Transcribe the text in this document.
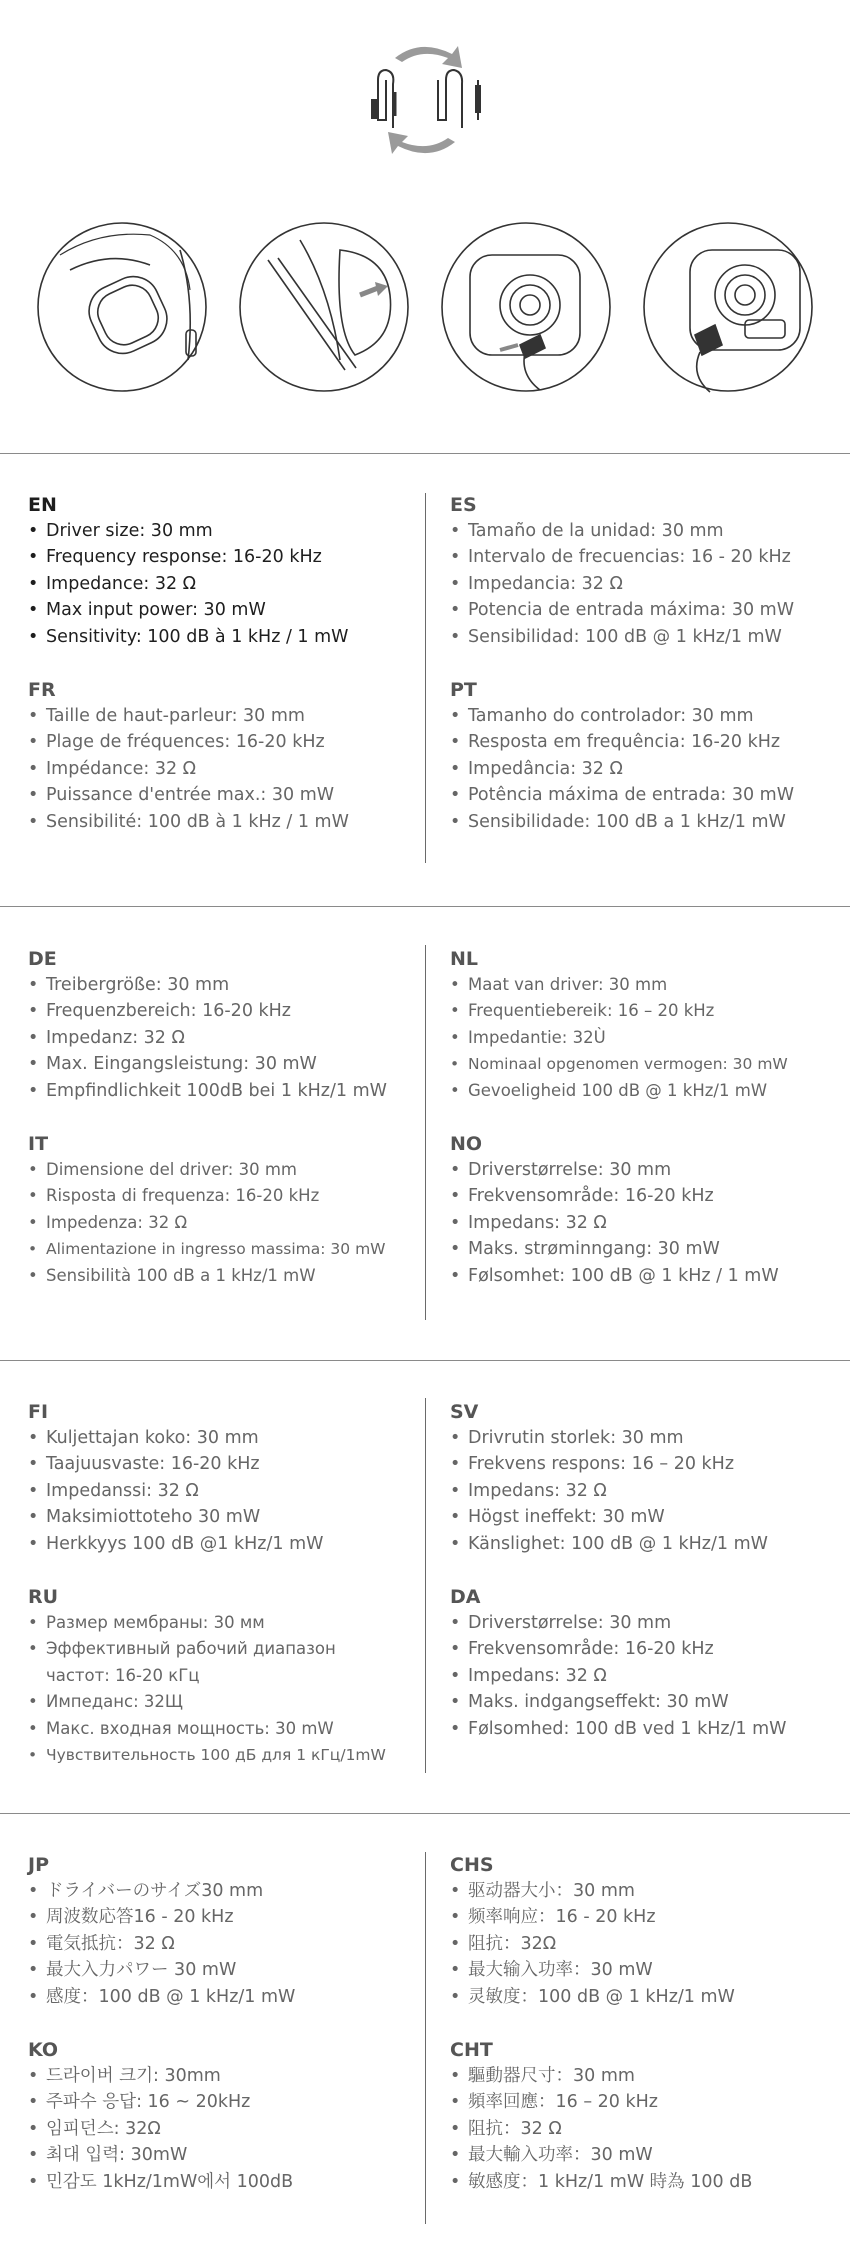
EN
• Driver size: 30 mm
• Frequency response: 16-20 kHz
• Impedance: 32 Ω
• Max input power: 30 mW
• Sensitivity: 100 dB à 1 kHz / 1 mW
FR
• Taille de haut-parleur: 30 mm
• Plage de fréquences: 16-20 kHz
• Impédance: 32 Ω
• Puissance d'entrée max.: 30 mW
• Sensibilité: 100 dB à 1 kHz / 1 mW
ES
• Tamaño de la unidad: 30 mm
• Intervalo de frecuencias: 16 - 20 kHz
• Impedancia: 32 Ω
• Potencia de entrada máxima: 30 mW
• Sensibilidad: 100 dB @ 1 kHz/1 mW
PT
• Tamanho do controlador: 30 mm
• Resposta em frequência: 16-20 kHz
• Impedância: 32 Ω
• Potência máxima de entrada: 30 mW
• Sensibilidade: 100 dB a 1 kHz/1 mW
DE
• Treibergröße: 30 mm
• Frequenzbereich: 16-20 kHz
• Impedanz: 32 Ω
• Max. Eingangsleistung: 30 mW
• Empfindlichkeit 100dB bei 1 kHz/1 mW
IT
• Dimensione del driver: 30 mm
• Risposta di frequenza: 16-20 kHz
• Impedenza: 32 Ω
• Alimentazione in ingresso massima: 30 mW
• Sensibilità 100 dB a 1 kHz/1 mW
NL
• Maat van driver: 30 mm
• Frequentiebereik: 16 – 20 kHz
• Impedantie: 32Ù
• Nominaal opgenomen vermogen: 30 mW
• Gevoeligheid 100 dB @ 1 kHz/1 mW
NO
• Driverstørrelse: 30 mm
• Frekvensområde: 16-20 kHz
• Impedans: 32 Ω
• Maks. strøminngang: 30 mW
• Følsomhet: 100 dB @ 1 kHz / 1 mW
FI
• Kuljettajan koko: 30 mm
• Taajuusvaste: 16-20 kHz
• Impedanssi: 32 Ω
• Maksimiottoteho 30 mW
• Herkkyys 100 dB @1 kHz/1 mW
RU
• Размер мембраны: 30 мм
• Эффективный рабочий диапазон частот: 16-20 кГц
• Импеданс: 32Щ
• Макс. входная мощность: 30 mW
• Чувствительность 100 дБ для 1 кГц/1mW
SV
• Drivrutin storlek: 30 mm
• Frekvens respons: 16 – 20 kHz
• Impedans: 32 Ω
• Högst ineffekt: 30 mW
• Känslighet: 100 dB @ 1 kHz/1 mW
DA
• Driverstørrelse: 30 mm
• Frekvensområde: 16-20 kHz
• Impedans: 32 Ω
• Maks. indgangseffekt: 30 mW
• Følsomhed: 100 dB ved 1 kHz/1 mW
JP
• ドライバーのサイズ30 mm
• 周波数応答16 - 20 kHz
• 電気抵抗：32 Ω
• 最大入力パワー 30 mW
• 感度：100 dB @ 1 kHz/1 mW
KO
• 드라이버 크기: 30mm
• 주파수 응답: 16 ~ 20kHz
• 임피던스: 32Ω
• 최대 입력: 30mW
• 민감도 1kHz/1mW에서 100dB
CHS
• 驱动器大小：30 mm
• 频率响应：16 - 20 kHz
• 阻抗：32Ω
• 最大输入功率：30 mW
• 灵敏度：100 dB @ 1 kHz/1 mW
CHT
• 驅動器尺寸：30 mm
• 頻率回應：16 – 20 kHz
• 阻抗：32 Ω
• 最大輸入功率：30 mW
• 敏感度：1 kHz/1 mW 時為 100 dB
